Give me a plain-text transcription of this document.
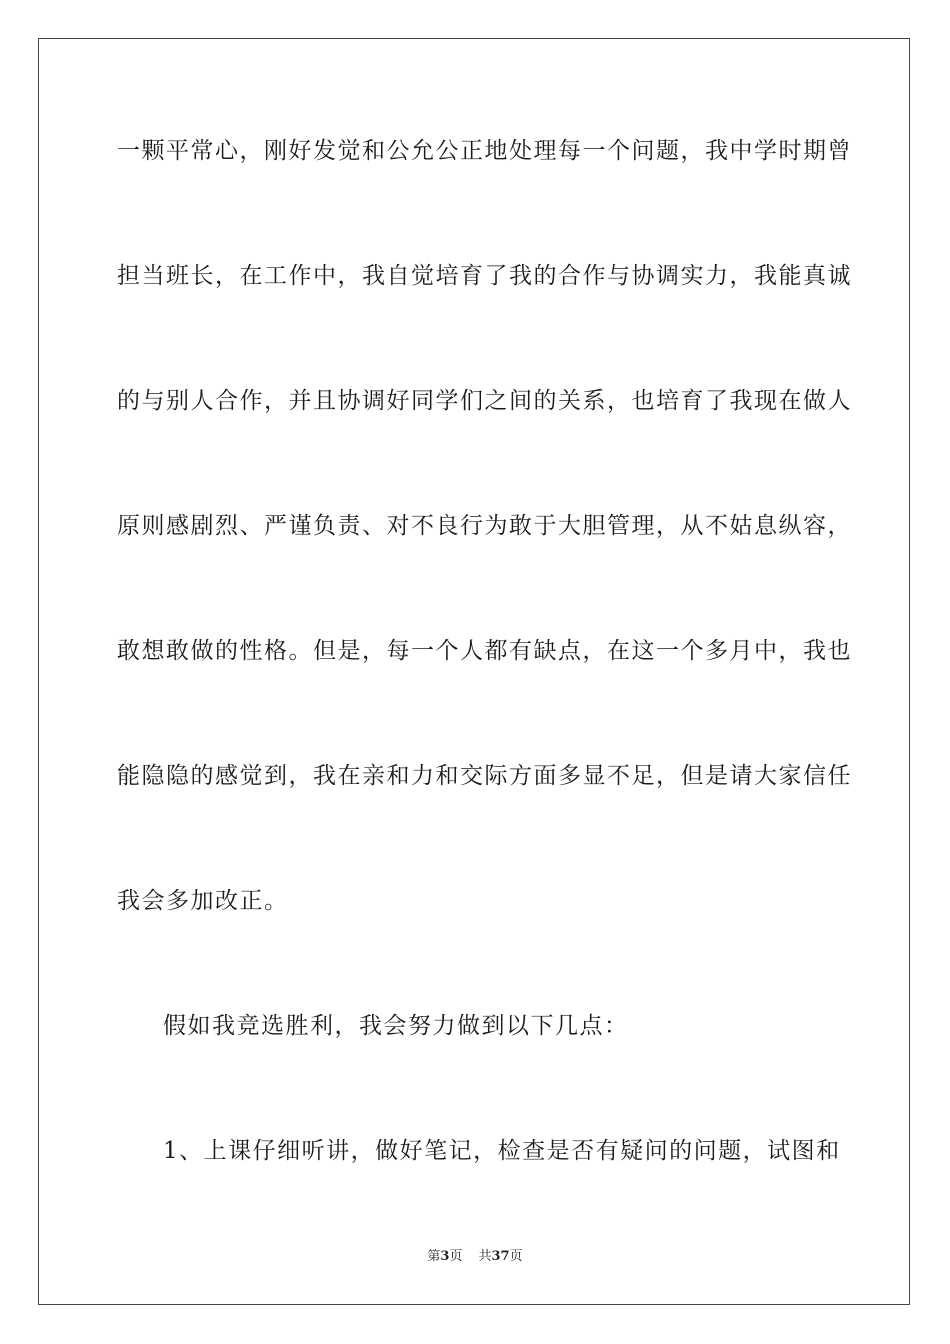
一颗平常心，刚好发觉和公允公正地处理每一个问题，我中学时期曾
担当班长，在工作中，我自觉培育了我的合作与协调实力，我能真诚
的与别人合作，并且协调好同学们之间的关系，也培育了我现在做人
原则感剧烈、严谨负责、对不良行为敢于大胆管理，从不姑息纵容，
敢想敢做的性格。但是，每一个人都有缺点，在这一个多月中，我也
能隐隐的感觉到，我在亲和力和交际方面多显不足，但是请大家信任
我会多加改正。
假如我竞选胜利，我会努力做到以下几点：
1、上课仔细听讲，做好笔记，检查是否有疑问的问题，试图和
第3页 共37页
